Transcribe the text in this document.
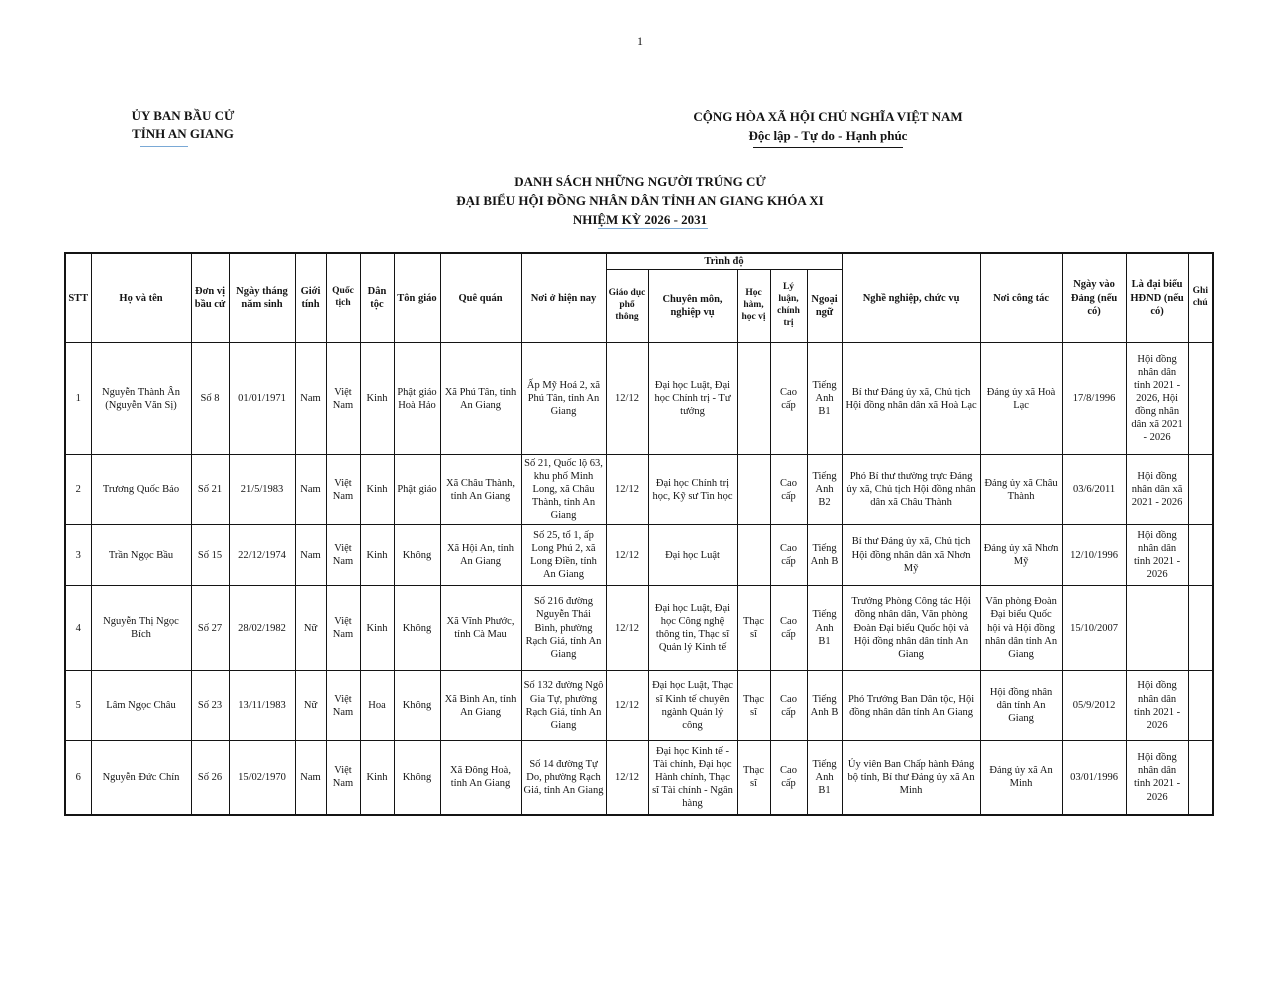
1
ỦY BAN BẦU CỬ
TỈNH AN GIANG
CỘNG HÒA XÃ HỘI CHỦ NGHĨA VIỆT NAM
Độc lập - Tự do - Hạnh phúc
DANH SÁCH NHỮNG NGƯỜI TRÚNG CỬ
ĐẠI BIỂU HỘI ĐỒNG NHÂN DÂN TỈNH AN GIANG KHÓA XI
NHIỆM KỲ 2026 - 2031
STT	Họ và tên	Đơn vị bầu cử	Ngày tháng năm sinh	Giới tính	Quốc tịch	Dân tộc	Tôn giáo	Quê quán	Nơi ở hiện nay	Trình độ					Nghề nghiệp, chức vụ	Nơi công tác	Ngày vào Đảng (nếu có)	Là đại biểu HĐND (nếu có)	Ghi chú
										Giáo dục phổ thông	Chuyên môn, nghiệp vụ	Học hàm, học vị	Lý luận, chính trị	Ngoại ngữ					
1	Nguyễn Thành Ân (Nguyễn Văn Sị)	Số 8	01/01/1971	Nam	Việt Nam	Kinh	Phật giáo Hoà Hảo	Xã Phú Tân, tỉnh An Giang	Ấp Mỹ Hoá 2, xã Phú Tân, tỉnh An Giang	12/12	Đại học Luật, Đại học Chính trị - Tư tưởng		Cao cấp	Tiếng Anh B1	Bí thư Đảng ủy xã, Chủ tịch Hội đồng nhân dân xã Hoà Lạc	Đảng ủy xã Hoà Lạc	17/8/1996	Hội đồng nhân dân tỉnh 2021 - 2026, Hội đồng nhân dân xã 2021 - 2026	
2	Trương Quốc Bảo	Số 21	21/5/1983	Nam	Việt Nam	Kinh	Phật giáo	Xã Châu Thành, tỉnh An Giang	Số 21, Quốc lộ 63, khu phố Minh Long, xã Châu Thành, tỉnh An Giang	12/12	Đại học Chính trị học, Kỹ sư Tin học		Cao cấp	Tiếng Anh B2	Phó Bí thư thường trực Đảng ủy xã, Chủ tịch Hội đồng nhân dân xã Châu Thành	Đảng ủy xã Châu Thành	03/6/2011	Hội đồng nhân dân xã 2021 - 2026	
3	Trần Ngọc Bầu	Số 15	22/12/1974	Nam	Việt Nam	Kinh	Không	Xã Hội An, tỉnh An Giang	Số 25, tổ 1, ấp Long Phú 2, xã Long Điền, tỉnh An Giang	12/12	Đại học Luật		Cao cấp	Tiếng Anh B	Bí thư Đảng ủy xã, Chủ tịch Hội đồng nhân dân xã Nhơn Mỹ	Đảng ủy xã Nhơn Mỹ	12/10/1996	Hội đồng nhân dân tỉnh 2021 - 2026	
4	Nguyễn Thị Ngọc Bích	Số 27	28/02/1982	Nữ	Việt Nam	Kinh	Không	Xã Vĩnh Phước, tỉnh Cà Mau	Số 216 đường Nguyễn Thái Bình, phường Rạch Giá, tỉnh An Giang	12/12	Đại học Luật, Đại học Công nghệ thông tin, Thạc sĩ Quản lý Kinh tế	Thạc sĩ	Cao cấp	Tiếng Anh B1	Trưởng Phòng Công tác Hội đồng nhân dân, Văn phòng Đoàn Đại biểu Quốc hội và Hội đồng nhân dân tỉnh An Giang	Văn phòng Đoàn Đại biểu Quốc hội và Hội đồng nhân dân tỉnh An Giang	15/10/2007		
5	Lâm Ngọc Châu	Số 23	13/11/1983	Nữ	Việt Nam	Hoa	Không	Xã Bình An, tỉnh An Giang	Số 132 đường Ngô Gia Tự, phường Rạch Giá, tỉnh An Giang	12/12	Đại học Luật, Thạc sĩ Kinh tế chuyên ngành Quản lý công	Thạc sĩ	Cao cấp	Tiếng Anh B	Phó Trưởng Ban Dân tộc, Hội đồng nhân dân tỉnh An Giang	Hội đồng nhân dân tỉnh An Giang	05/9/2012	Hội đồng nhân dân tỉnh 2021 - 2026	
6	Nguyễn Đức Chín	Số 26	15/02/1970	Nam	Việt Nam	Kinh	Không	Xã Đông Hoà, tỉnh An Giang	Số 14 đường Tự Do, phường Rạch Giá, tỉnh An Giang	12/12	Đại học Kinh tế - Tài chính, Đại học Hành chính, Thạc sĩ Tài chính - Ngân hàng	Thạc sĩ	Cao cấp	Tiếng Anh B1	Ủy viên Ban Chấp hành Đảng bộ tỉnh, Bí thư Đảng ủy xã An Minh	Đảng ủy xã An Minh	03/01/1996	Hội đồng nhân dân tỉnh 2021 - 2026	
